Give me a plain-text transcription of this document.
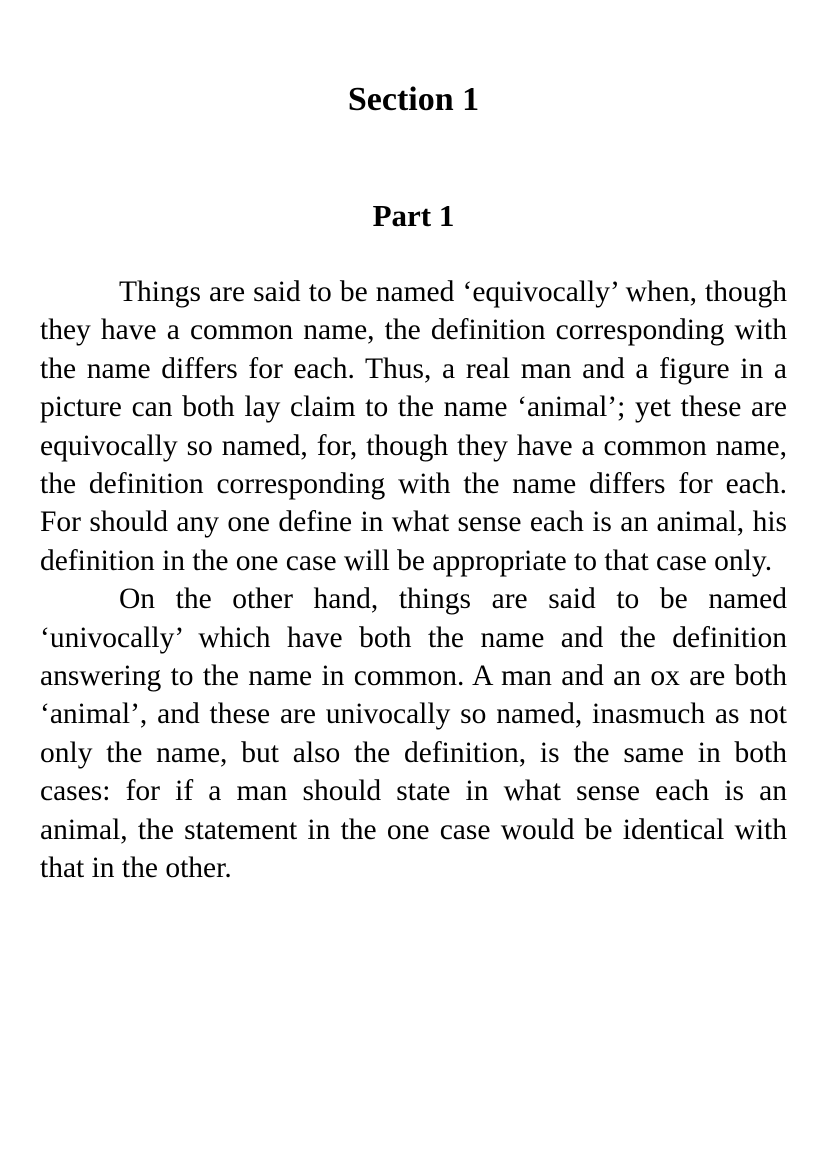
Section 1
Part 1

Things are said to be named ‘equivocally’ when, though they have a common name, the definition corresponding with the name differs for each. Thus, a real man and a figure in a picture can both lay claim to the name ‘animal’; yet these are equivocally so named, for, though they have a common name, the definition corresponding with the name differs for each. For should any one define in what sense each is an animal, his definition in the one case will be appropriate to that case only.

On the other hand, things are said to be named ‘univocally’ which have both the name and the definition answering to the name in common. A man and an ox are both ‘animal’, and these are univocally so named, inasmuch as not only the name, but also the definition, is the same in both cases: for if a man should state in what sense each is an animal, the statement in the one case would be identical with that in the other.
